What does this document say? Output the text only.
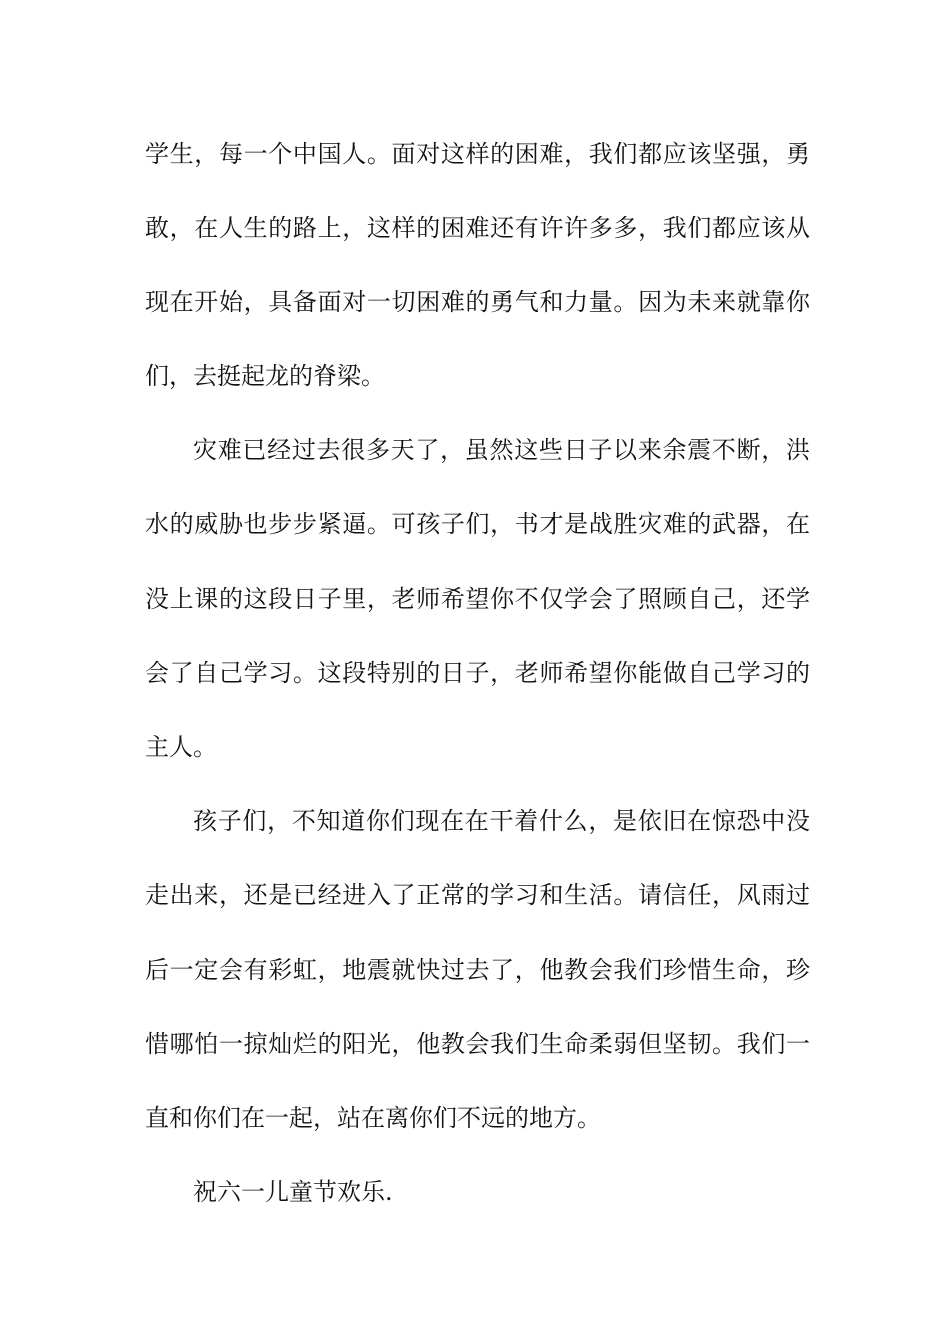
学生，每一个中国人。面对这样的困难，我们都应该坚强，勇
敢，在人生的路上，这样的困难还有许许多多，我们都应该从
现在开始，具备面对一切困难的勇气和力量。因为未来就靠你
们，去挺起龙的脊梁。
灾难已经过去很多天了，虽然这些日子以来余震不断，洪
水的威胁也步步紧逼。可孩子们，书才是战胜灾难的武器，在
没上课的这段日子里，老师希望你不仅学会了照顾自己，还学
会了自己学习。这段特别的日子，老师希望你能做自己学习的
主人。
孩子们，不知道你们现在在干着什么，是依旧在惊恐中没
走出来，还是已经进入了正常的学习和生活。请信任，风雨过
后一定会有彩虹，地震就快过去了，他教会我们珍惜生命，珍
惜哪怕一掠灿烂的阳光，他教会我们生命柔弱但坚韧。我们一
直和你们在一起，站在离你们不远的地方。
祝六一儿童节欢乐.
